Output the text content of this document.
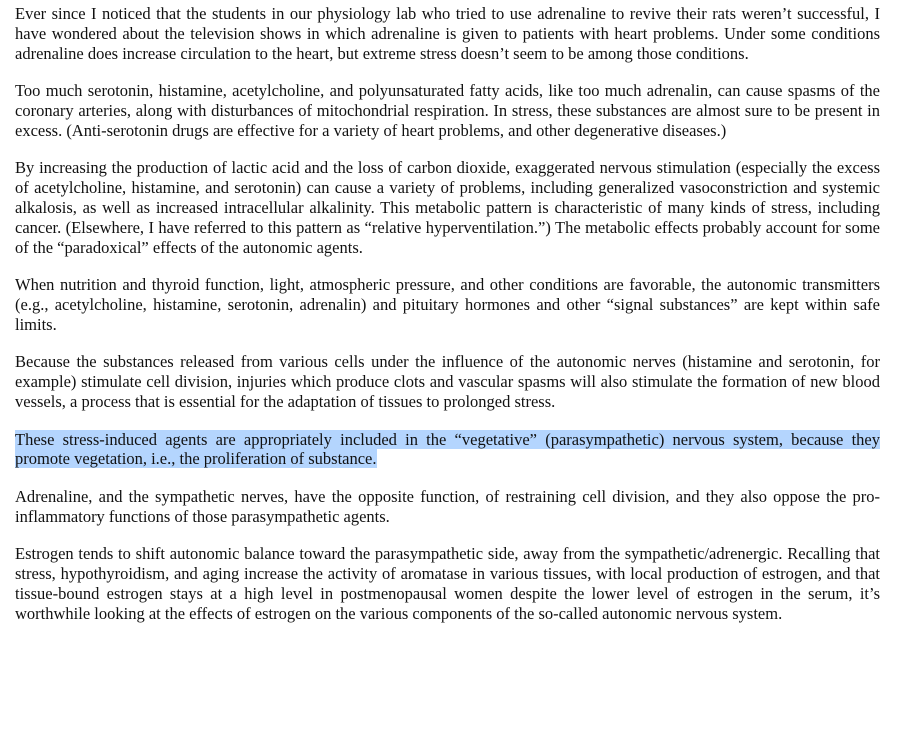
Ever since I noticed that the students in our physiology lab who tried to use adrenaline to revive their rats weren’t successful, I have wondered about the television shows in which adrenaline is given to patients with heart problems. Under some conditions adrenaline does increase circulation to the heart, but extreme stress doesn’t seem to be among those conditions.

Too much serotonin, histamine, acetylcholine, and polyunsaturated fatty acids, like too much adrenalin, can cause spasms of the coronary arteries, along with disturbances of mitochondrial respiration. In stress, these substances are almost sure to be present in excess. (Anti-serotonin drugs are effective for a variety of heart problems, and other degenerative diseases.)

By increasing the production of lactic acid and the loss of carbon dioxide, exaggerated nervous stimulation (especially the excess of acetylcholine, histamine, and serotonin) can cause a variety of problems, including generalized vasoconstriction and systemic alkalosis, as well as increased intracellular alkalinity. This metabolic pattern is characteristic of many kinds of stress, including cancer. (Elsewhere, I have referred to this pattern as “relative hyperventilation.”) The metabolic effects probably account for some of the “paradoxical” effects of the autonomic agents.

When nutrition and thyroid function, light, atmospheric pressure, and other conditions are favorable, the autonomic transmitters (e.g., acetylcholine, histamine, serotonin, adrenalin) and pituitary hormones and other “signal substances” are kept within safe limits.

Because the substances released from various cells under the influence of the autonomic nerves (histamine and serotonin, for example) stimulate cell division, injuries which produce clots and vascular spasms will also stimulate the formation of new blood vessels, a process that is essential for the adaptation of tissues to prolonged stress.

These stress-induced agents are appropriately included in the “vegetative” (parasympathetic) nervous system, because they promote vegetation, i.e., the proliferation of substance.

Adrenaline, and the sympathetic nerves, have the opposite function, of restraining cell division, and they also oppose the pro-inflammatory functions of those parasympathetic agents.

Estrogen tends to shift autonomic balance toward the parasympathetic side, away from the sympathetic/adrenergic. Recalling that stress, hypothyroidism, and aging increase the activity of aromatase in various tissues, with local production of estrogen, and that tissue-bound estrogen stays at a high level in postmenopausal women despite the lower level of estrogen in the serum, it’s worthwhile looking at the effects of estrogen on the various components of the so-called autonomic nervous system.
